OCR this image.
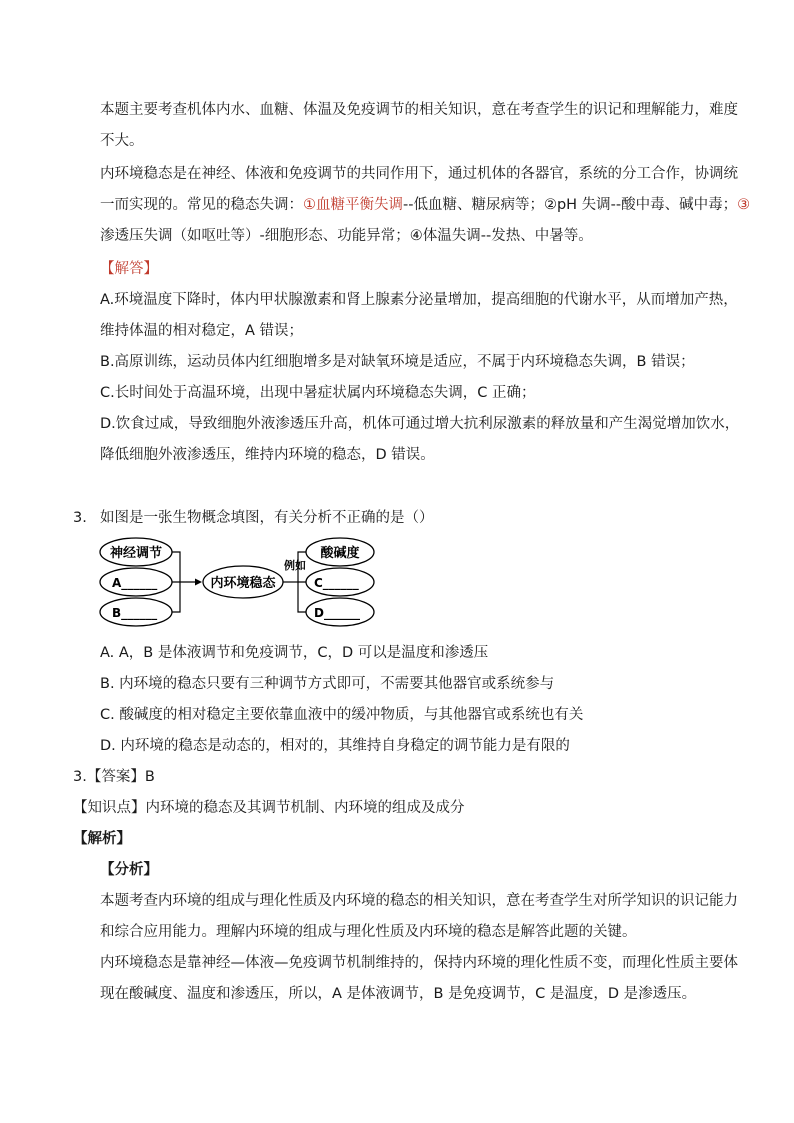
本题主要考查机体内水、血糖、体温及免疫调节的相关知识，意在考查学生的识记和理解能力，难度
不大。
内环境稳态是在神经、体液和免疫调节的共同作用下，通过机体的各器官，系统的分工合作，协调统
一而实现的。常见的稳态失调：①血糖平衡失调--低血糖、糖尿病等；②pH 失调--酸中毒、碱中毒；③
渗透压失调（如呕吐等）-细胞形态、功能异常；④体温失调--发热、中暑等。
【解答】
A.环境温度下降时，体内甲状腺激素和肾上腺素分泌量增加，提高细胞的代谢水平，从而增加产热，
维持体温的相对稳定，A 错误；
B.高原训练，运动员体内红细胞增多是对缺氧环境是适应，不属于内环境稳态失调，B 错误；
C.长时间处于高温环境，出现中暑症状属内环境稳态失调，C 正确；
D.饮食过咸，导致细胞外液渗透压升高，机体可通过增大抗利尿激素的释放量和产生渴觉增加饮水，
降低细胞外液渗透压，维持内环境的稳态，D 错误。
3. 如图是一张生物概念填图，有关分析不正确的是（）
神经调节
A______
B______
内环境稳态
例如
酸碱度
C______
D______
A. A，B 是体液调节和免疫调节，C，D 可以是温度和渗透压
B. 内环境的稳态只要有三种调节方式即可，不需要其他器官或系统参与
C. 酸碱度的相对稳定主要依靠血液中的缓冲物质，与其他器官或系统也有关
D. 内环境的稳态是动态的，相对的，其维持自身稳定的调节能力是有限的
3.【答案】B
【知识点】内环境的稳态及其调节机制、内环境的组成及成分
【解析】
【分析】
本题考查内环境的组成与理化性质及内环境的稳态的相关知识，意在考查学生对所学知识的识记能力
和综合应用能力。理解内环境的组成与理化性质及内环境的稳态是解答此题的关键。
内环境稳态是靠神经—体液—免疫调节机制维持的，保持内环境的理化性质不变，而理化性质主要体
现在酸碱度、温度和渗透压，所以，A 是体液调节，B 是免疫调节，C 是温度，D 是渗透压。
